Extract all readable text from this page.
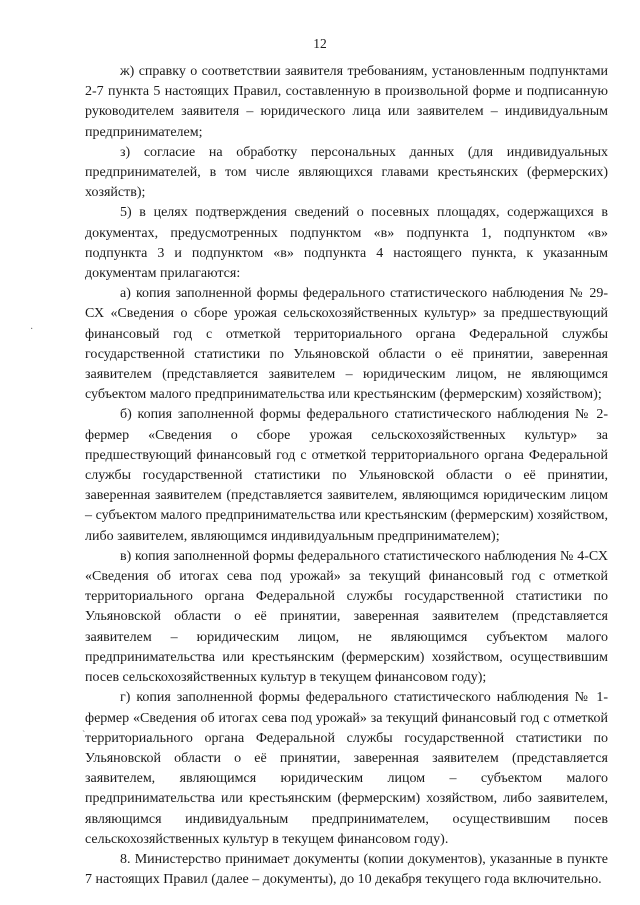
12

ж) справку о соответствии заявителя требованиям, установленным подпунктами 2-7 пункта 5 настоящих Правил, составленную в произвольной форме и подписанную руководителем заявителя – юридического лица или заявителем – индивидуальным предпринимателем;

з) согласие на обработку персональных данных (для индивидуальных предпринимателей, в том числе являющихся главами крестьянских (фермерских) хозяйств);

5) в целях подтверждения сведений о посевных площадях, содержащихся в документах, предусмотренных подпунктом «в» подпункта 1, подпунктом «в» подпункта 3 и подпунктом «в» подпункта 4 настоящего пункта, к указанным документам прилагаются:

а) копия заполненной формы федерального статистического наблюдения № 29-СХ «Сведения о сборе урожая сельскохозяйственных культур» за предшествующий финансовый год с отметкой территориального органа Федеральной службы государственной статистики по Ульяновской области о её принятии, заверенная заявителем (представляется заявителем – юридическим лицом, не являющимся субъектом малого предпринимательства или крестьянским (фермерским) хозяйством);

б) копия заполненной формы федерального статистического наблюдения № 2-фермер «Сведения о сборе урожая сельскохозяйственных культур» за предшествующий финансовый год с отметкой территориального органа Федеральной службы государственной статистики по Ульяновской области о её принятии, заверенная заявителем (представляется заявителем, являющимся юридическим лицом – субъектом малого предпринимательства или крестьянским (фермерским) хозяйством, либо заявителем, являющимся индивидуальным предпринимателем);

в) копия заполненной формы федерального статистического наблюдения № 4-СХ «Сведения об итогах сева под урожай» за текущий финансовый год с отметкой территориального органа Федеральной службы государственной статистики по Ульяновской области о её принятии, заверенная заявителем (представляется заявителем – юридическим лицом, не являющимся субъектом малого предпринимательства или крестьянским (фермерским) хозяйством, осуществившим посев сельскохозяйственных культур в текущем финансовом году);

г) копия заполненной формы федерального статистического наблюдения № 1-фермер «Сведения об итогах сева под урожай» за текущий финансовый год с отметкой территориального органа Федеральной службы государственной статистики по Ульяновской области о её принятии, заверенная заявителем (представляется заявителем, являющимся юридическим лицом – субъектом малого предпринимательства или крестьянским (фермерским) хозяйством, либо заявителем, являющимся индивидуальным предпринимателем, осуществившим посев сельскохозяйственных культур в текущем финансовом году).

8. Министерство принимает документы (копии документов), указанные в пункте 7 настоящих Правил (далее – документы), до 10 декабря текущего года включительно.

·
`
